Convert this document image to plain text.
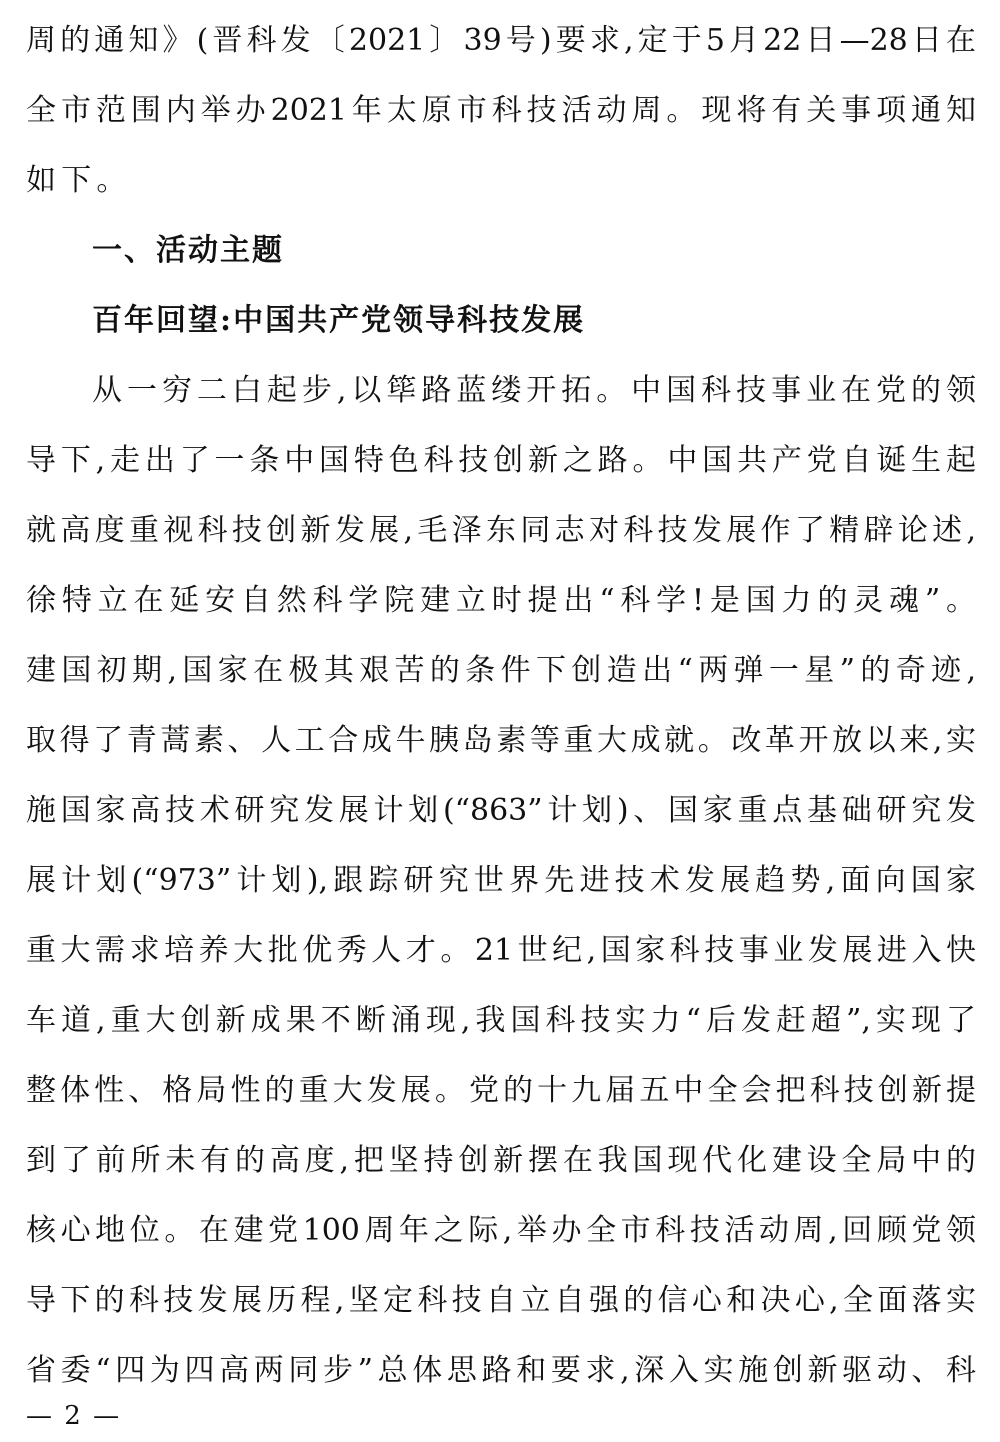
周的通知》(晋科发〔2021〕39号)要求,定于5月22日—28日在
全市范围内举办2021年太原市科技活动周。现将有关事项通知
如下。
一、活动主题
百年回望:中国共产党领导科技发展
从一穷二白起步,以筚路蓝缕开拓。中国科技事业在党的领
导下,走出了一条中国特色科技创新之路。中国共产党自诞生起
就高度重视科技创新发展,毛泽东同志对科技发展作了精辟论述,
徐特立在延安自然科学院建立时提出“科学!是国力的灵魂”。
建国初期,国家在极其艰苦的条件下创造出“两弹一星”的奇迹,
取得了青蒿素、人工合成牛胰岛素等重大成就。改革开放以来,实
施国家高技术研究发展计划(“863”计划)、国家重点基础研究发
展计划(“973”计划),跟踪研究世界先进技术发展趋势,面向国家
重大需求培养大批优秀人才。21世纪,国家科技事业发展进入快
车道,重大创新成果不断涌现,我国科技实力“后发赶超”,实现了
整体性、格局性的重大发展。党的十九届五中全会把科技创新提
到了前所未有的高度,把坚持创新摆在我国现代化建设全局中的
核心地位。在建党100周年之际,举办全市科技活动周,回顾党领
导下的科技发展历程,坚定科技自立自强的信心和决心,全面落实
省委“四为四高两同步”总体思路和要求,深入实施创新驱动、科
— 2 —
